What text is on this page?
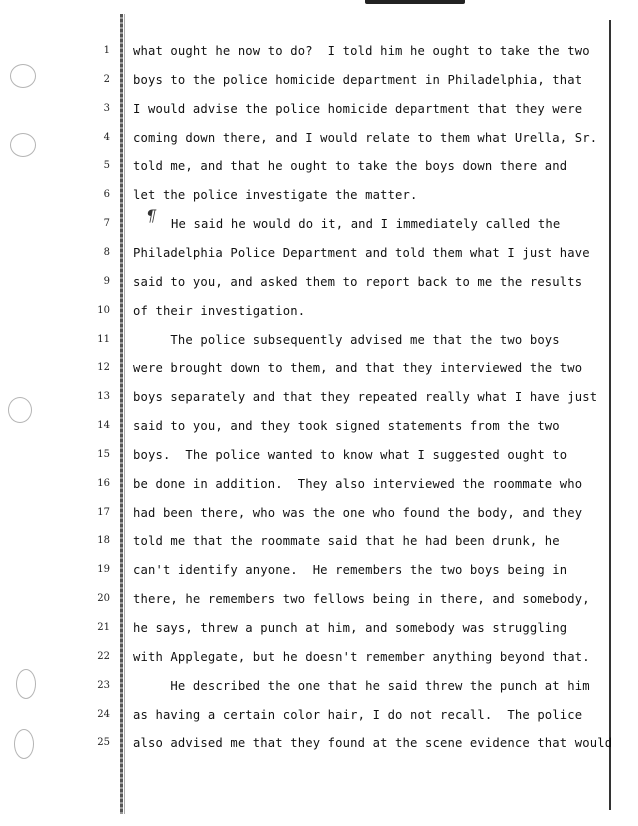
¶
1 what ought he now to do?  I told him he ought to take the two
2 boys to the police homicide department in Philadelphia, that
3 I would advise the police homicide department that they were
4 coming down there, and I would relate to them what Urella, Sr.
5 told me, and that he ought to take the boys down there and
6 let the police investigate the matter.
7	He said he would do it, and I immediately called the
8 Philadelphia Police Department and told them what I just have
9 said to you, and asked them to report back to me the results
10 of their investigation.
11 The police subsequently advised me that the two boys
12 were brought down to them, and that they interviewed the two
13 boys separately and that they repeated really what I have just
14 said to you, and they took signed statements from the two
15 boys.  The police wanted to know what I suggested ought to
16 be done in addition.  They also interviewed the roommate who
17 had been there, who was the one who found the body, and they
18 told me that the roommate said that he had been drunk, he
19 can't identify anyone.  He remembers the two boys being in
20 there, he remembers two fellows being in there, and somebody,
21 he says, threw a punch at him, and somebody was struggling
22 with Applegate, but he doesn't remember anything beyond that.
23 He described the one that he said threw the punch at him
24 as having a certain color hair, I do not recall.  The police
25 also advised me that they found at the scene evidence that would
